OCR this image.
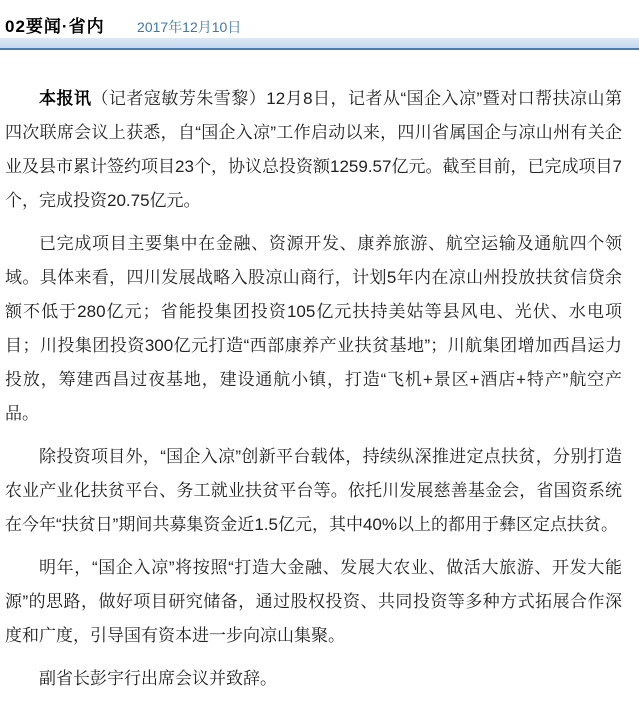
02要闻·省内 2017年12月10日

本报讯（记者寇敏芳朱雪黎）12月8日，记者从“国企入凉”暨对口帮扶凉山第四次联席会议上获悉，自“国企入凉”工作启动以来，四川省属国企与凉山州有关企业及县市累计签约项目23个，协议总投资额1259.57亿元。截至目前，已完成项目7个，完成投资20.75亿元。

已完成项目主要集中在金融、资源开发、康养旅游、航空运输及通航四个领域。具体来看，四川发展战略入股凉山商行，计划5年内在凉山州投放扶贫信贷余额不低于280亿元；省能投集团投资105亿元扶持美姑等县风电、光伏、水电项目；川投集团投资300亿元打造“西部康养产业扶贫基地”；川航集团增加西昌运力投放，筹建西昌过夜基地，建设通航小镇，打造“飞机+景区+酒店+特产”航空产品。

除投资项目外，“国企入凉”创新平台载体，持续纵深推进定点扶贫，分别打造农业产业化扶贫平台、务工就业扶贫平台等。依托川发展慈善基金会，省国资系统在今年“扶贫日”期间共募集资金近1.5亿元，其中40%以上的都用于彝区定点扶贫。

明年，“国企入凉”将按照“打造大金融、发展大农业、做活大旅游、开发大能源”的思路，做好项目研究储备，通过股权投资、共同投资等多种方式拓展合作深度和广度，引导国有资本进一步向凉山集聚。

副省长彭宇行出席会议并致辞。
